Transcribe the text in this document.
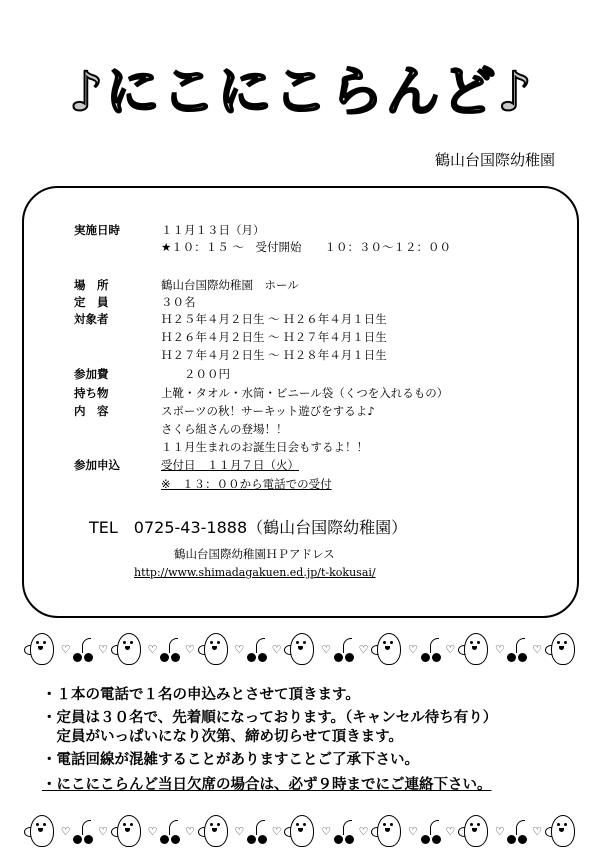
♪にこにこらんど♪
鶴山台国際幼稚園
実施日時	１１月１３日（月）
★１０：１５ ～　受付開始　　１０：３０～１２：００
場　所	鶴山台国際幼稚園　ホール
定　員	３０名
対象者	Ｈ２５年４月２日生 ～ Ｈ２６年４月１日生
Ｈ２６年４月２日生 ～ Ｈ２７年４月１日生
Ｈ２７年４月２日生 ～ Ｈ２８年４月１日生
参加費	２００円
持ち物	上靴・タオル・水筒・ビニール袋（くつを入れるもの）
内　容	スポーツの秋！サーキット遊びをするよ♪
さくら組さんの登場！！
１１月生まれのお誕生日会もするよ！！
参加申込	受付日　１１月７日（火）
※　１３：００から電話での受付
TEL　0725-43-1888（鶴山台国際幼稚園）
鶴山台国際幼稚園ＨＰアドレス
http://www.shimadagakuen.ed.jp/t-kokusai/
♡	♡	♡	♡	♡	♡	♡	♡	♡	♡	♡	♡
・１本の電話で１名の申込みとさせて頂きます。
・定員は３０名で、先着順になっております。（キャンセル待ち有り）
　定員がいっぱいになり次第、締め切らせて頂きます。
・電話回線が混雑することがありますことご了承下さい。
・にこにこらんど当日欠席の場合は、必ず９時までにご連絡下さい。
♡	♡	♡	♡	♡	♡	♡	♡	♡	♡	♡	♡
